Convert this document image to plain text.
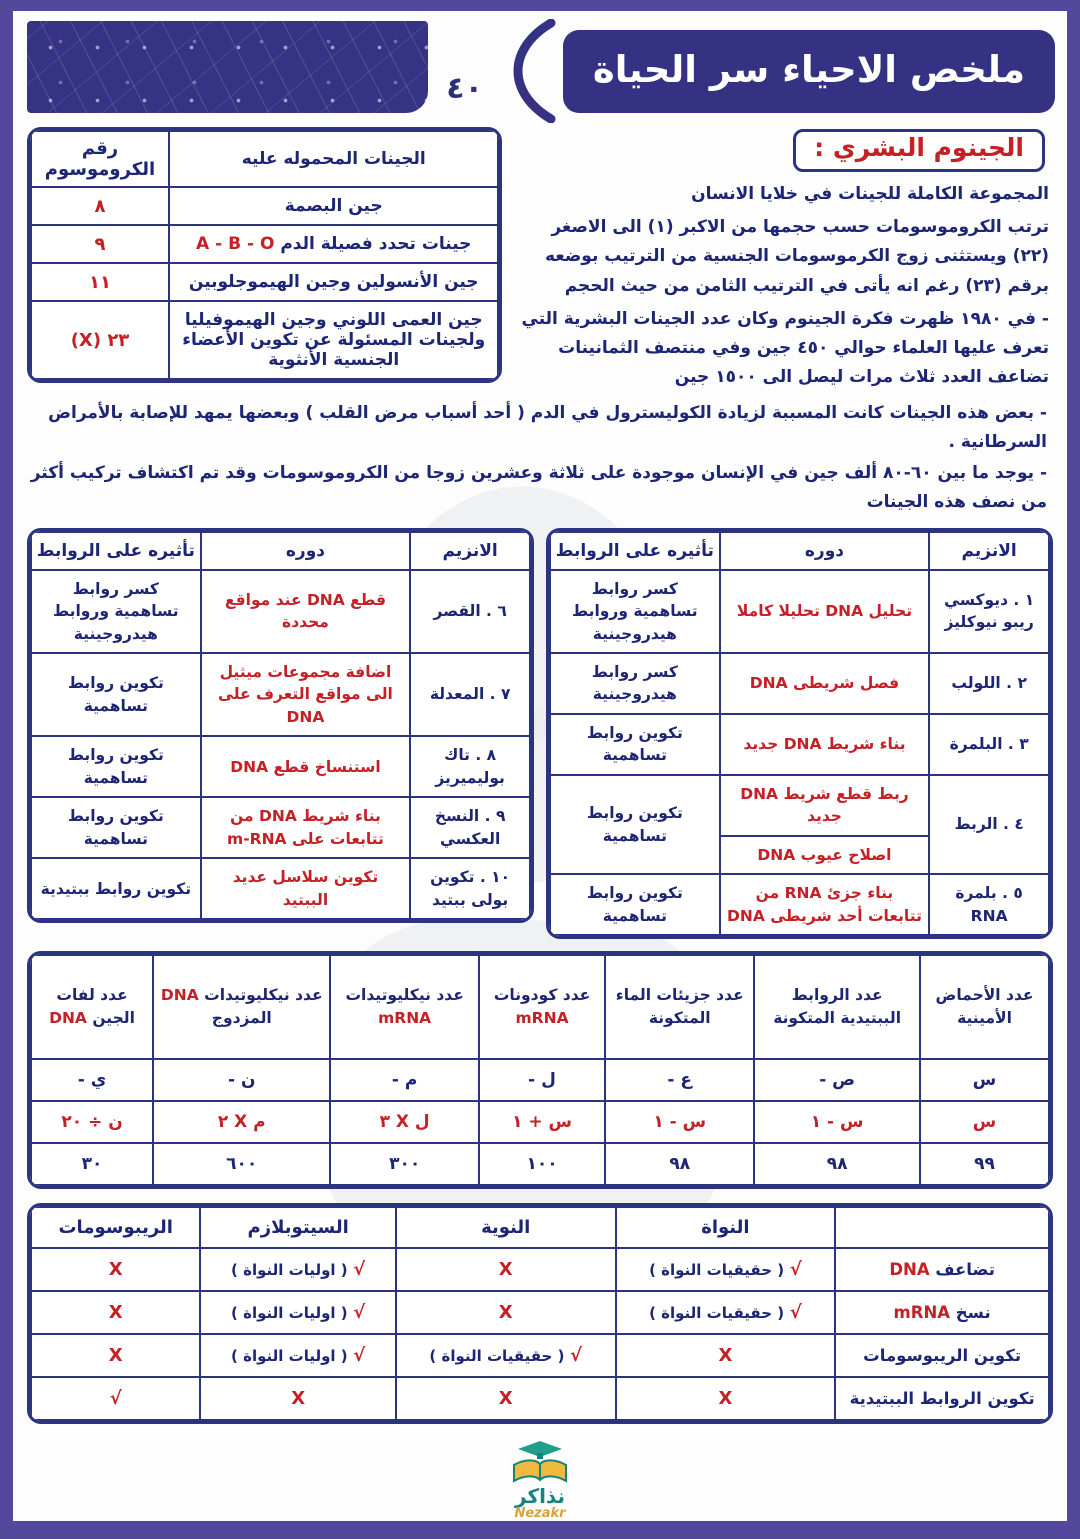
ملخص الاحياء سر الحياة
٤٠
الجينوم البشري :

المجموعة الكاملة للجينات في خلايا الانسان

ترتب الكروموسومات حسب حجمها من الاكبر (١) الى الاصغر (٢٢) ويستثنى زوج الكرموسومات الجنسية من الترتيب بوضعه برقم (٢٣) رغم انه يأتى في الترتيب الثامن من حيث الحجم

- في ١٩٨٠ ظهرت فكرة الجينوم وكان عدد الجينات البشرية التي تعرف عليها العلماء حوالي ٤٥٠ جين وفي منتصف الثمانينات تضاعف العدد ثلاث مرات ليصل الى ١٥٠٠ جين

الجينات المحموله عليه	رقم الكروموسوم
جين البصمة	٨
جينات تحدد فصيلة الدم A - B - O	٩
جين الأنسولين وجين الهيموجلوبين	١١
جين العمى اللوني وجين الهيموفيليا ولجينات المسئولة عن تكوين الأعضاء الجنسية الأنثوية	٢٣ (X)

- بعض هذه الجينات كانت المسببة لزيادة الكوليسترول في الدم ( أحد أسباب مرض القلب ) وبعضها يمهد للإصابة بالأمراض السرطانية .

- يوجد ما بين ٦٠-٨٠ ألف جين في الإنسان موجودة على ثلاثة وعشرين زوجا من الكروموسومات وقد تم اكتشاف تركيب أكثر من نصف هذه الجينات

الانزيم	دوره	تأثيره على الروابط
١ . ديوكسي ريبو نيوكليز	تحليل DNA تحليلا كاملا	كسر روابط تساهمية وروابط هيدروجينية
٢ . اللولب	فصل شريطى DNA	كسر روابط هيدروجينية
٣ . البلمرة	بناء شريط DNA جديد	تكوين روابط تساهمية
٤ . الربط	ربط قطع شريط DNA جديد	تكوين روابط تساهمية
	اصلاح عيوب DNA	
٥ . بلمرة RNA	بناء جزئ RNA من تتابعات أحد شريطى DNA	تكوين روابط تساهمية
الانزيم	دوره	تأثيره على الروابط
٦ . القصر	قطع DNA عند مواقع محددة	كسر روابط تساهمية وروابط هيدروجينية
٧ . المعدلة	اضافة مجموعات ميثيل الى مواقع التعرف على DNA	تكوين روابط تساهمية
٨ . تاك بوليميريز	استنساخ قطع DNA	تكوين روابط تساهمية
٩ . النسخ العكسي	بناء شريط DNA من تتابعات على m-RNA	تكوين روابط تساهمية
١٠ . تكوين بولى ببتيد	تكوين سلاسل عديد الببتيد	تكوين روابط ببتيدية
عدد الأحماض الأمينية	عدد الروابط الببتيدية المتكونة	عدد جزيئات الماء المتكونة	عدد كودونات mRNA	عدد نيكليوتيدات mRNA	عدد نيكليوتيدات DNA المزدوج	عدد لفات الجين DNA
س	ص -	ع -	ل -	م -	ن -	ي -
س	س - ١	س - ١	س + ١	ل X ٣	م X ٢	ن ÷ ٢٠
٩٩	٩٨	٩٨	١٠٠	٣٠٠	٦٠٠	٣٠
	النواة	النوية	السيتوبلازم	الريبوسومات
تضاعف DNA	√ ( حقيقيات النواة )	X	√ ( اوليات النواة )	X
نسخ mRNA	√ ( حقيقيات النواة )	X	√ ( اوليات النواة )	X
تكوين الريبوسومات	X	√ ( حقيقيات النواة )	√ ( اوليات النواة )	X
تكوين الروابط الببتيدية	X	X	X	√
نذاكر
Nezakr
